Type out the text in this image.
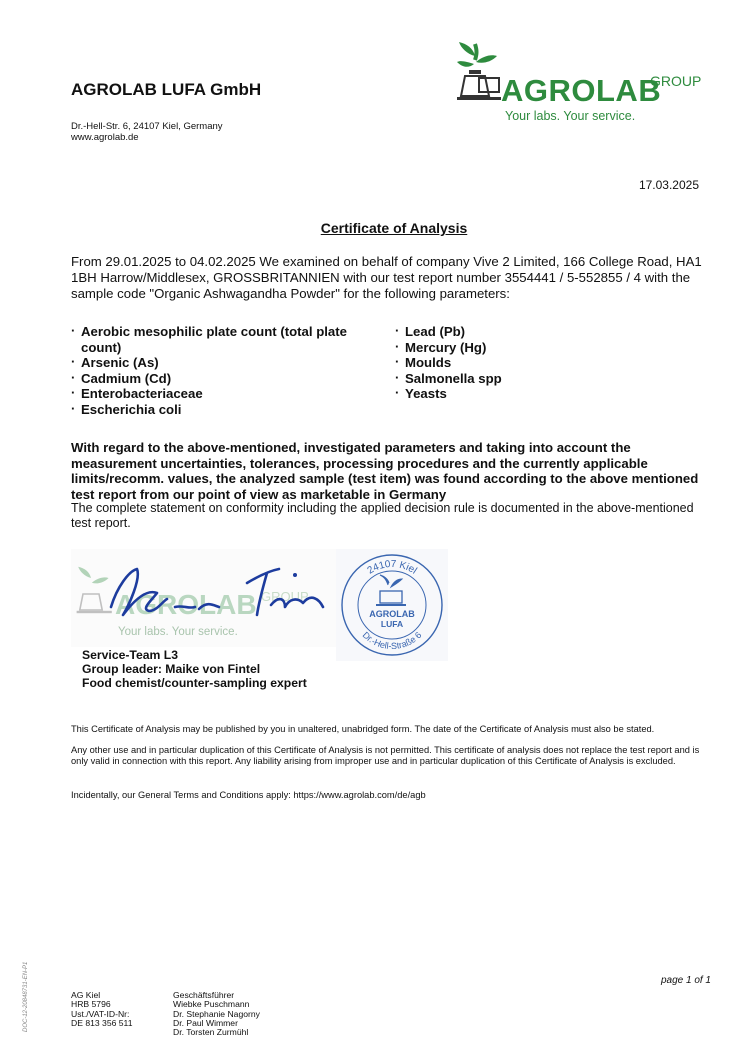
AGROLAB LUFA GmbH
Dr.-Hell-Str. 6, 24107 Kiel, Germany
www.agrolab.de
AGROLAB
GROUP
Your labs. Your service.
17.03.2025
Certificate of Analysis
From 29.01.2025 to 04.02.2025 We examined on behalf of company Vive 2 Limited, 166 College Road, HA1 1BH Harrow/Middlesex, GROSSBRITANNIEN with our test report number 3554441 / 5-552855 / 4 with the sample code "Organic Ashwagandha Powder" for the following parameters:
· Aerobic mesophilic plate count (total plate count)
· Arsenic (As)
· Cadmium (Cd)
· Enterobacteriaceae
· Escherichia coli
· Lead (Pb)
· Mercury (Hg)
· Moulds
· Salmonella spp
· Yeasts
With regard to the above-mentioned, investigated parameters and taking into account the measurement uncertainties, tolerances, processing procedures and the currently applicable limits/recomm. values, the analyzed sample (test item) was found according to the above mentioned test report from our point of view as marketable in Germany
The complete statement on conformity including the applied decision rule is documented in the above-mentioned test report.
AGROLAB GROUP
Your labs. Your service.
24107 Kiel
Dr.-Hell-Straße 6
AGROLAB
LUFA
Service-Team L3
Group leader: Maike von Fintel
Food chemist/counter-sampling expert
This Certificate of Analysis may be published by you in unaltered, unabridged form. The date of the Certificate of Analysis must also be stated.
Any other use and in particular duplication of this Certificate of Analysis is not permitted. This certificate of analysis does not replace the test report and is only valid in connection with this report. Any liability arising from improper use and in particular duplication of this Certificate of Analysis is excluded.
Incidentally, our General Terms and Conditions apply: https://www.agrolab.com/de/agb
DOC-12-20848731-EN-P1	page 1 of 1
AG Kiel
HRB 5796
Ust./VAT-ID-Nr:
DE 813 356 511
Geschäftsführer
Wiebke Puschmann
Dr. Stephanie Nagorny
Dr. Paul Wimmer
Dr. Torsten Zurmühl
